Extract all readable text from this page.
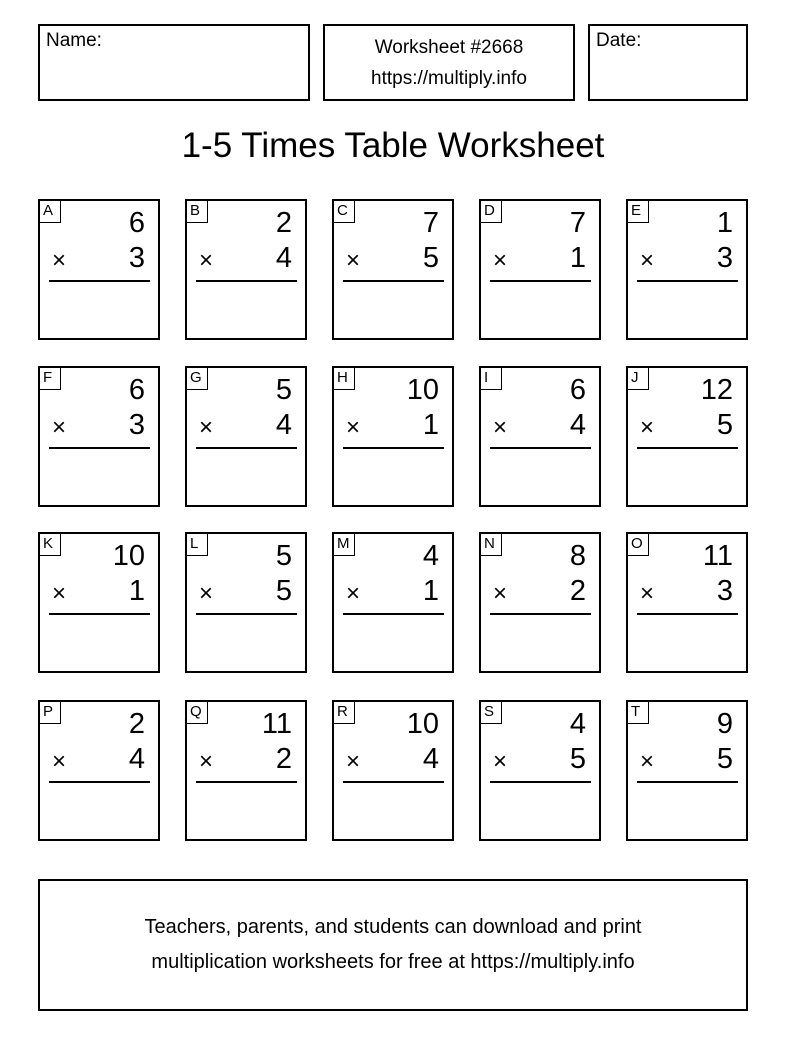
Name:	Worksheet #2668
https://multiply.info
Date:
1-5 Times Table Worksheet
A	6
× 3
B	2
× 4
C	7
× 5
D	7
× 1
E	1
× 3
F	6
× 3
G	5
× 4
H 10
× 1
I	6
× 4
J	12
× 5
K 10
× 1
L	5
× 5
M	4
× 1
N	8
× 2
O 11
× 3
P	2
× 4
Q 11
× 2
R 10
× 4
S	4
× 5
T	9
× 5
Teachers, parents, and students can download and print
multiplication worksheets for free at https://multiply.info
